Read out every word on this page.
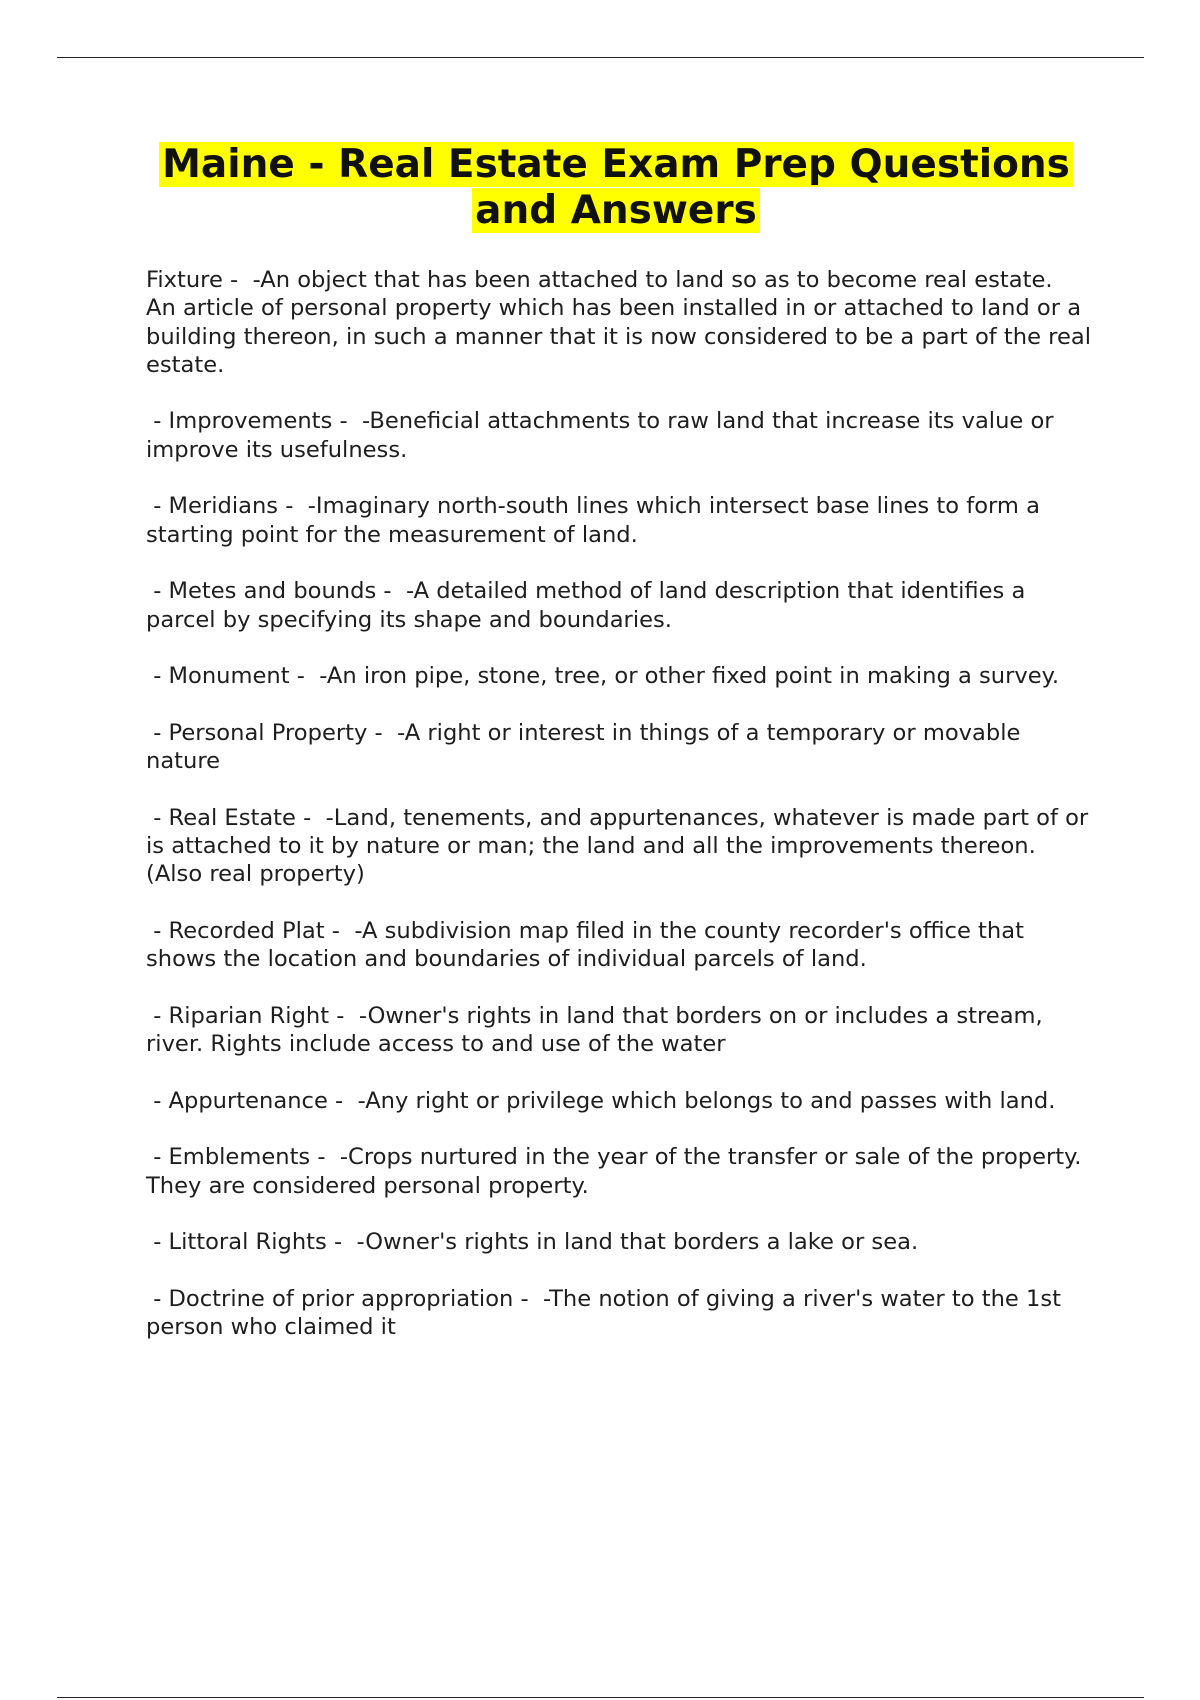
Maine - Real Estate Exam Prep Questions and Answers

Fixture -  -An object that has been attached to land so as to become real estate.
An article of personal property which has been installed in or attached to land or a building thereon, in such a manner that it is now considered to be a part of the real estate.

- Improvements -  -Beneficial attachments to raw land that increase its value or improve its usefulness.

- Meridians -  -Imaginary north-south lines which intersect base lines to form a starting point for the measurement of land.

- Metes and bounds -  -A detailed method of land description that identifies a parcel by specifying its shape and boundaries.

- Monument -  -An iron pipe, stone, tree, or other fixed point in making a survey.

- Personal Property -  -A right or interest in things of a temporary or movable nature

- Real Estate -  -Land, tenements, and appurtenances, whatever is made part of or is attached to it by nature or man; the land and all the improvements thereon. (Also real property)

- Recorded Plat -  -A subdivision map filed in the county recorder's office that shows the location and boundaries of individual parcels of land.

- Riparian Right -  -Owner's rights in land that borders on or includes a stream, river. Rights include access to and use of the water

- Appurtenance -  -Any right or privilege which belongs to and passes with land.

- Emblements -  -Crops nurtured in the year of the transfer or sale of the property. They are considered personal property.

- Littoral Rights -  -Owner's rights in land that borders a lake or sea.

- Doctrine of prior appropriation -  -The notion of giving a river's water to the 1st person who claimed it
